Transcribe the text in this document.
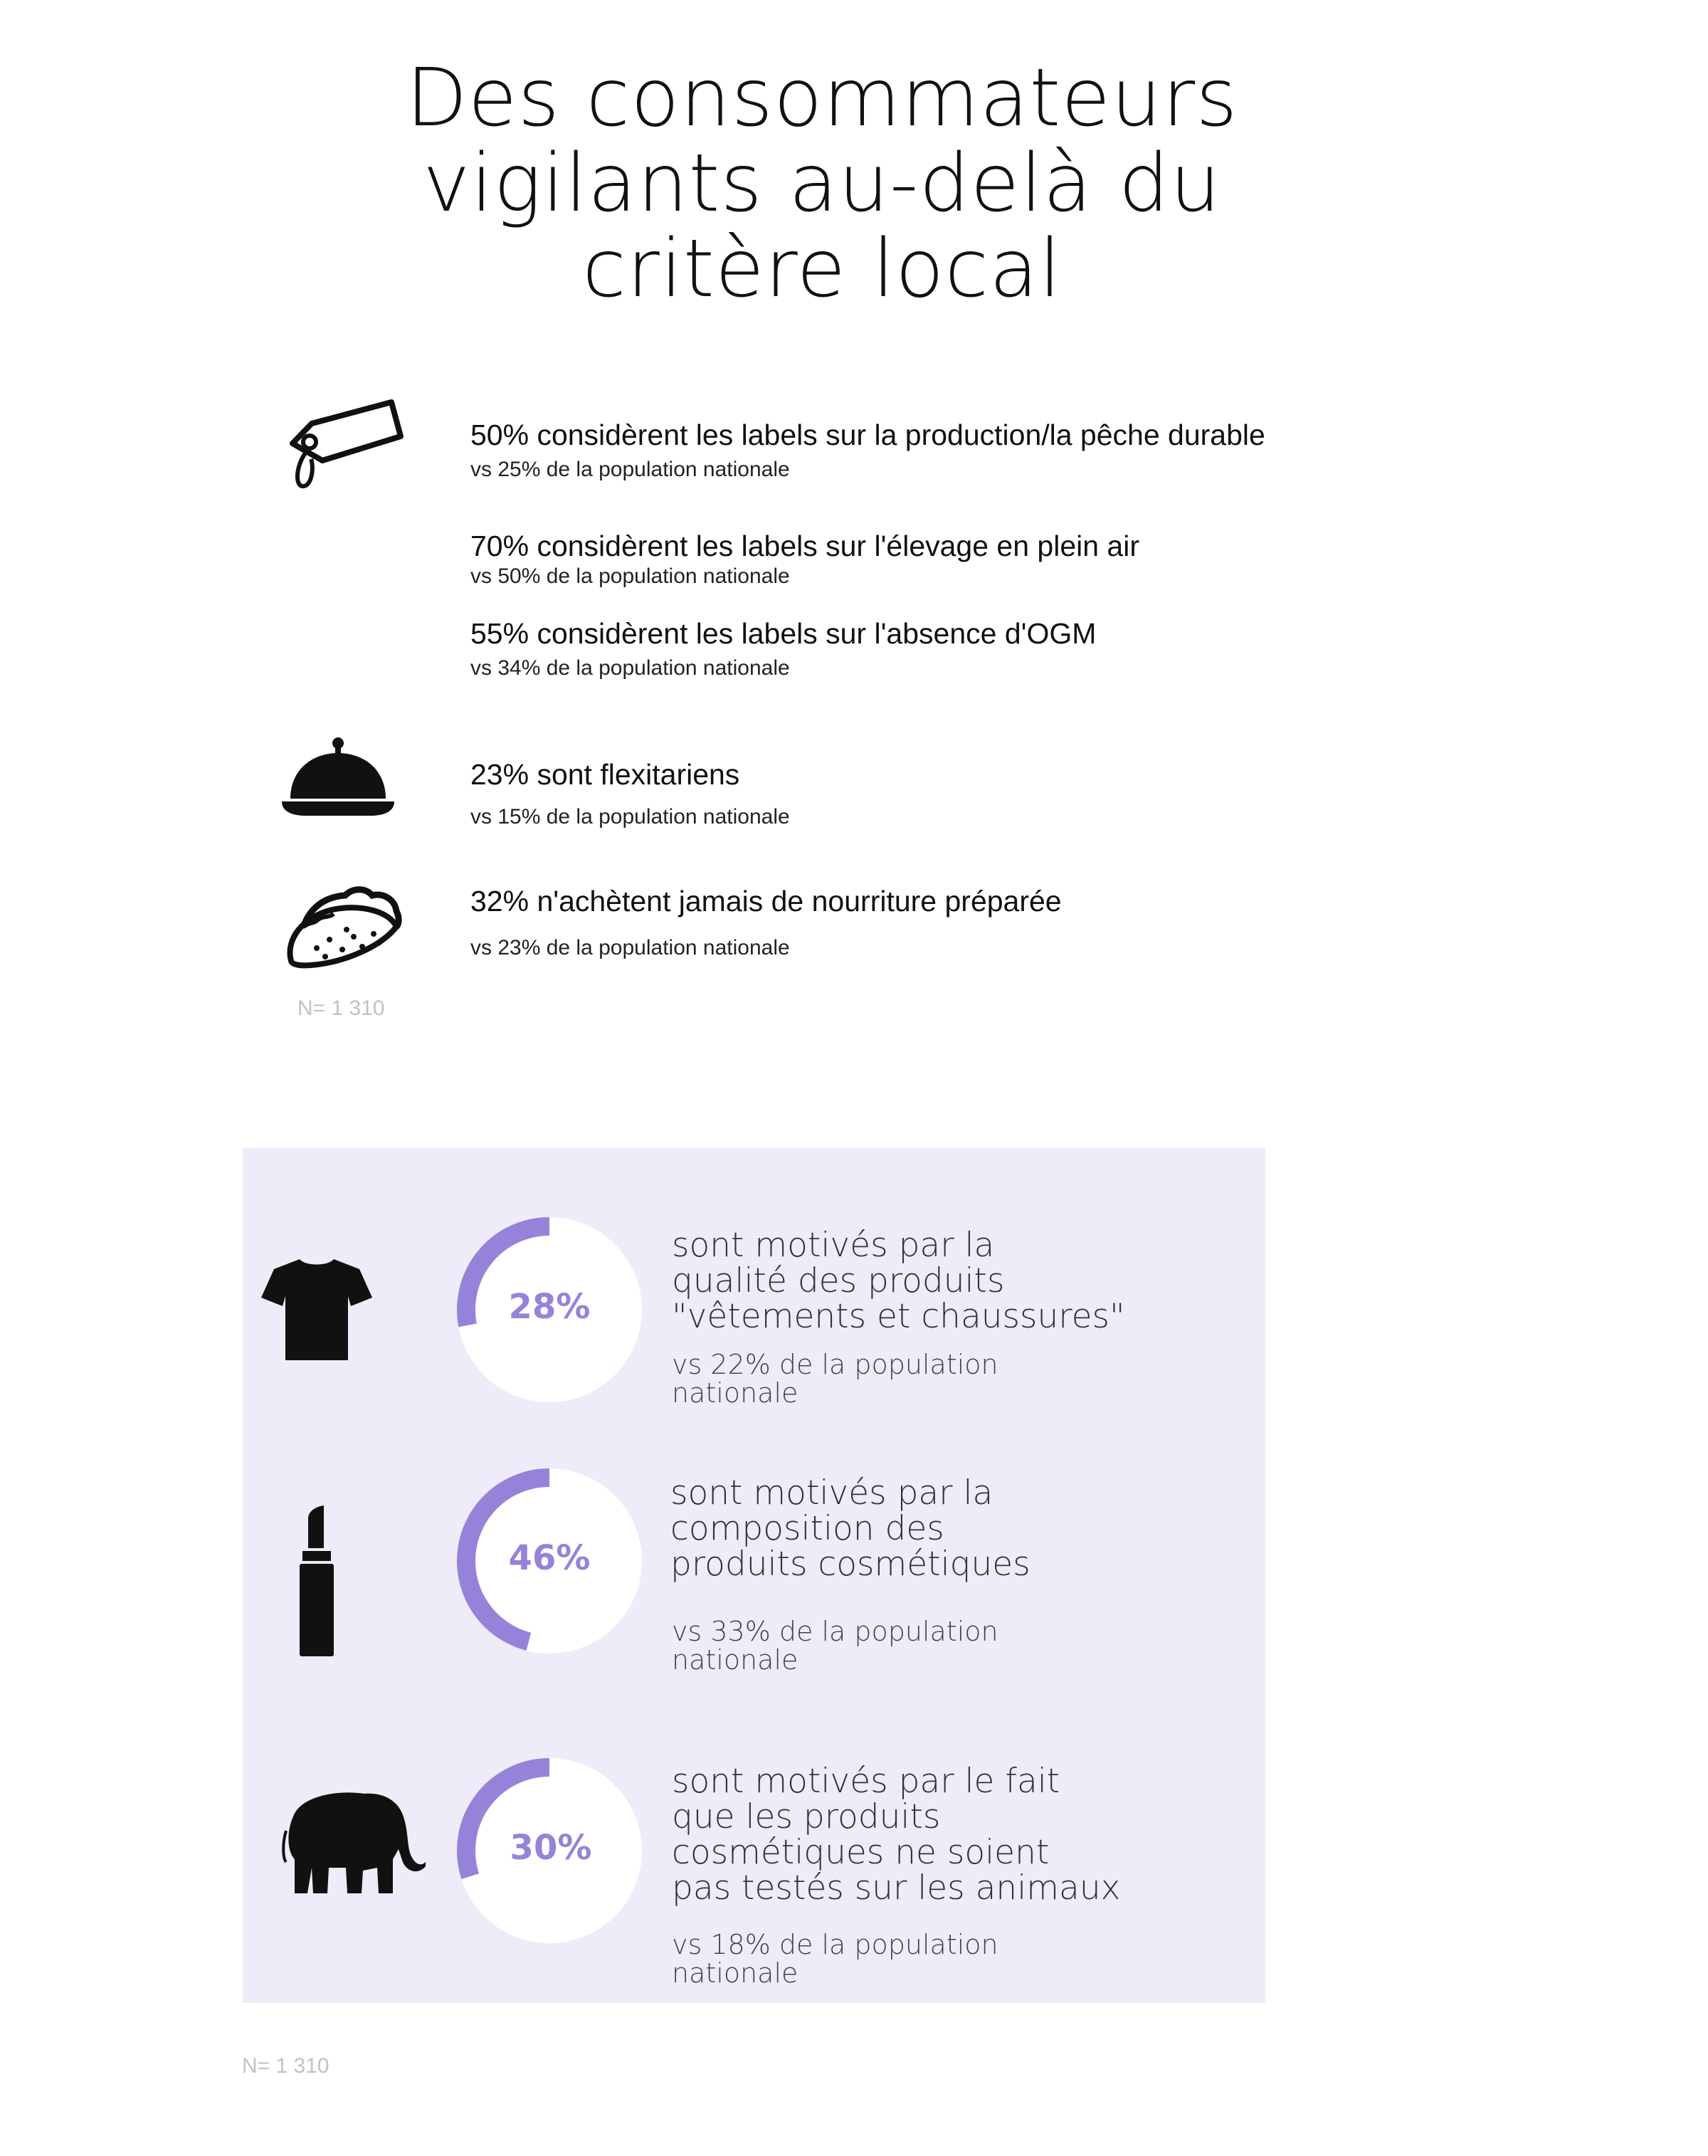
Des consommateurs
vigilants au-delà du
critère local
50% considèrent les labels sur la production/la pêche durable
vs 25% de la population nationale
70% considèrent les labels sur l'élevage en plein air
vs 50% de la population nationale
55% considèrent les labels sur l'absence d'OGM
vs 34% de la population nationale
23% sont flexitariens
vs 15% de la population nationale
32% n'achètent jamais de nourriture préparée
vs 23% de la population nationale
N= 1 310
28%
46%
30%
sont motivés par la
qualité des produits
"vêtements et chaussures"
vs 22% de la population
nationale
sont motivés par la
composition des
produits cosmétiques
vs 33% de la population
nationale
sont motivés par le fait
que les produits
cosmétiques ne soient
pas testés sur les animaux
vs 18% de la population
nationale
N= 1 310
